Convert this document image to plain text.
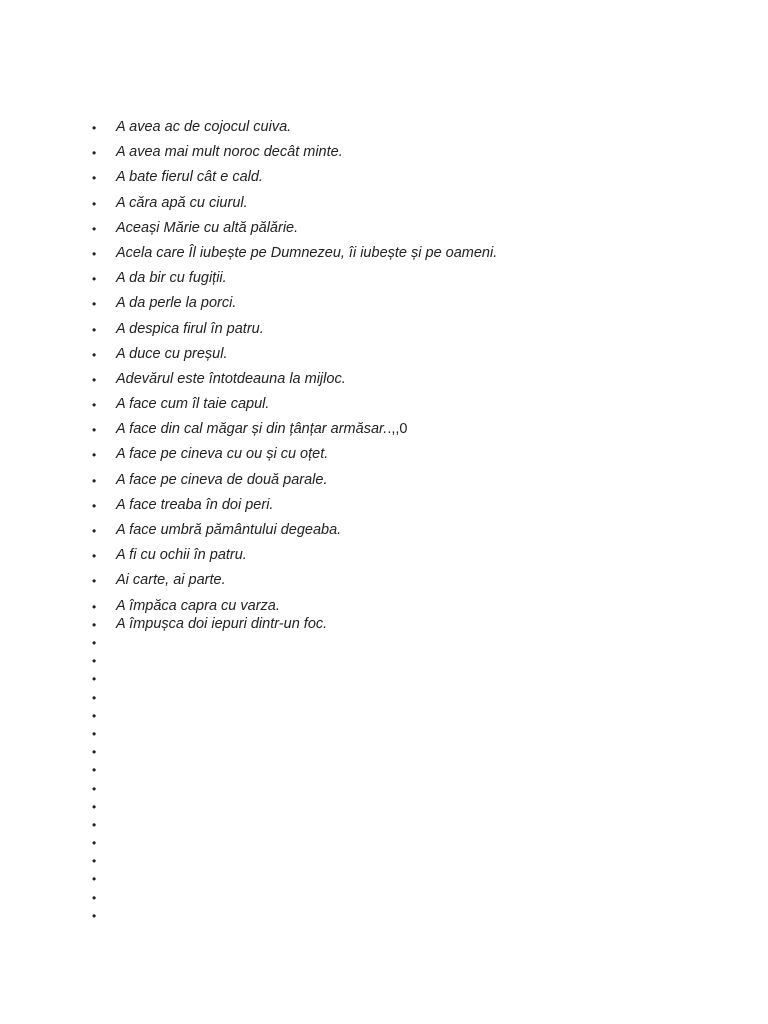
• A avea ac de cojocul cuiva.
• A avea mai mult noroc decât minte.
• A bate fierul cât e cald.
• A căra apă cu ciurul.
• Aceași Mărie cu altă pălărie.
• Acela care Îl iubește pe Dumnezeu, îi iubește și pe oameni.
• A da bir cu fugiții.
• A da perle la porci.
• A despica firul în patru.
• A duce cu preșul.
• Adevărul este întotdeauna la mijloc.
• A face cum îl taie capul.
• A face din cal măgar și din țânțar armăsar..,,0
• A face pe cineva cu ou și cu oțet.
• A face pe cineva de două parale.
• A face treaba în doi peri.
• A face umbră pământului degeaba.
• A fi cu ochii în patru.
• Ai carte, ai parte.
• A împăca capra cu varza.
• A împușca doi iepuri dintr-un foc.
•
•
•
•
•
•
•
•
•
•
•
•
•
•
•
•
